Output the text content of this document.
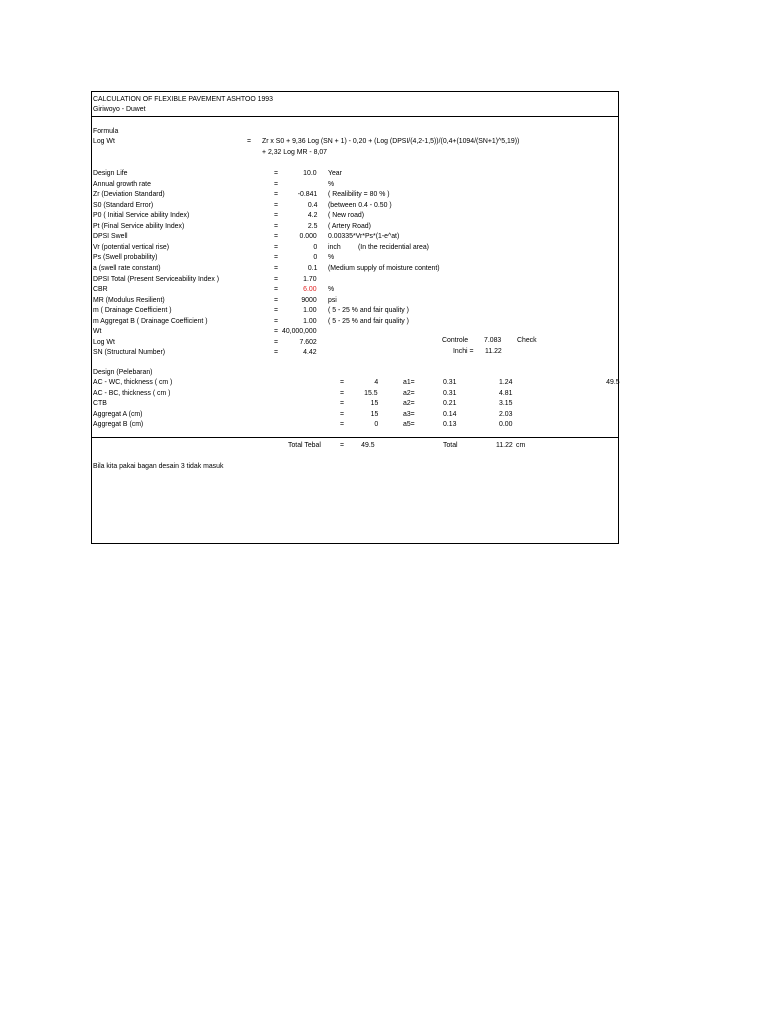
CALCULATION OF FLEXIBLE PAVEMENT ASHTOO 1993
Giriwoyo - Duwet
Formula
Log Wt	= Zr x S0 + 9,36 Log (SN + 1) - 0,20 + (Log (DPSI/(4,2-1,5))/(0,4+(1094/(SN+1)^5,19))
+ 2,32 Log MR - 8,07
Design Life	=	10.0 Year
Annual growth rate	=	%
Zr (Deviation Standard)	=	-0.841 ( Realibility = 80 % )
S0 (Standard Error)	=	0.4 (between 0.4 - 0.50 )
P0 ( Initial Service ability Index)	=	4.2 ( New road)
Pt (Final Service ability Index)	=	2.5 ( Artery Road)
DPSI Swell	=	0.000 0.00335*Vr*Ps*(1-e^at)
Vr (potential vertical rise)	=	0 inch (In the recidential area)
Ps (Swell probability)	=	0 %
a (swell rate constant)	=	0.1 (Medium supply of moisture content)
DPSI Total (Present Serviceability Index )	=	1.70
CBR	=	6.00 %
MR (Modulus Resilient)	=	9000 psi
m ( Drainage Coefficient )	=	1.00 ( 5 - 25 % and fair quality )
m Aggregat B ( Drainage Coefficient )	=	1.00 ( 5 - 25 % and fair quality )
Wt	= 40,000,000
Log Wt	=	7.602
SN (Structural Number)	=	4.42
Controle 7.083 Check
Inchi = 11.22
Design (Pelebaran)
AC - WC, thickness ( cm )	=	4	a1=	0.31	1.24	49.5
AC - BC, thickness ( cm )	=	15.5	a2=	0.31	4.81
CTB	=	15	a2=	0.21	3.15
Aggregat A (cm)	=	15	a3=	0.14	2.03
Aggregat B (cm)	=	0	a5=	0.13	0.00
Total Tebal	= 49.5	Total	11.22 cm
Bila kita pakai bagan desain 3 tidak masuk
